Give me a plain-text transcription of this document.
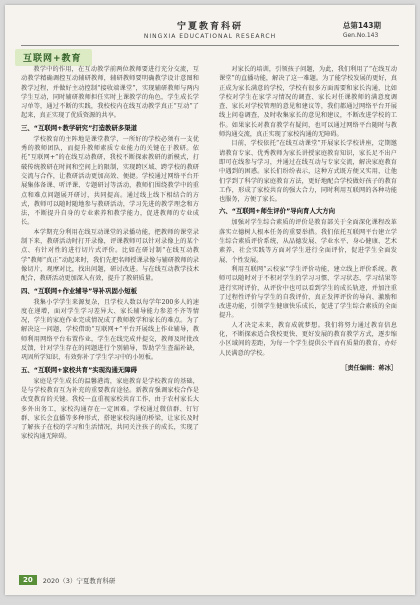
宁夏教育科研
NINGXIA EDUCATIONAL RESEARCH
总第143期
Gen.No.143
互联网+教育

教学中的作用，在互动教学前两位教师要进行充分交流，互动教学精确调控互动辅研教师，辅研教师要明确教学设计意图和教学过程，并做好主动控制“接收端课堂”，实现辅研教师与两内学生互动，同时辅研教师担任实时上课教学的角色，学生成长学习单等，通过不断的实践，我校校内在线互动教学真正“互动”了起来，真正实现了优质资源的共享。

三、“互联网+教学研究”打造教研多渠道

学校教育的主阵地是课堂教学，一所好的学校必须有一支优秀的教师团队，而提升教师素质专业能力的关键在于教研。依托“互联网+”的在线互动教研，我校不断探索教研的新模式，打破传统教研在时间和空间上的限制，实现跨区域、跨学校的教研交流与合作，让教研活动更加高效、便捷。学校通过网络平台开展集体备课、听评课、专题研讨等活动，教师们围绕教学中的重点和难点问题展开研讨，共同提高。通过线上线下相结合的方式，教师可以随时随地参与教研活动，学习先进的教学理念和方法，不断提升自身的专业素养和教学能力，促进教师的专业成长。

本学期充分利用在线互动课堂的录播功能，把教师的课堂录制下来，教研活动时打开录像，评课教师可以针对录像上的某个点、有针对性的进行切片式评价。比如在研讨制“在线互动教学”教师“真正”动起来时，我们先把名师授课录像与辅研教师的录像切片，观摩对比，找出问题，研讨改进。与在线互动教学技术配合，教研活动更加深入有效，提升了教研质量。

四、“互联网+作业辅导”导补巩固小短板

我集小学学生来源复杂，且学校人数以每学年200多人的速度在递增，面对学生学习差异大、家长辅导能力参差不齐等情况，学生的家庭作业完成情况成了教师教学和家长的难点。为了解决这一问题，学校借助“互联网+”平台开展线上作业辅导，教师利用网络平台布置作业，学生在线完成并提交，教师及时批改反馈，针对学生存在的问题进行个别辅导，帮助学生查漏补缺，巩固所学知识，有效弥补了学生学习中的小短板。

五、“互联网+家校共育”实现沟通无障碍

家庭是学生成长的温馨港湾，家庭教育是学校教育的基础，是与学校教育互为补充的重要教育途径。新教育强调家校合作是改变教育的关键。我校一直重视家校共育工作，由于农村家长大多外出务工，家校沟通存在一定困难。学校通过微信群、钉钉群、家长会直播等多种形式，搭建家校沟通的桥梁，让家长及时了解孩子在校的学习和生活情况，共同关注孩子的成长，实现了家校沟通无障碍。

对家长的培训，引领孩子问题，为此，我们利用了“在线互动课堂”的直播功能，解决了这一难题。为了能学校发展的更好，真正成为家长满意的学校，学校有很多方面需要和家长沟通，比如学校对学生在家学习情况的调查、家长对任课教师的满意度调查、家长对学校管理的意见和建议等，我们都通过网络平台开展线上问卷调查，及时收集家长的意见和建议，不断改进学校的工作。如果家长对教育教学有疑问，也可以通过网络平台随时与教师沟通交流，真正实现了家校沟通的无障碍。

目前，学校依托“在线互动课堂”开展家长学校讲座，定期邀请教育专家、优秀教师为家长讲授家庭教育知识，家长足不出户即可在线参与学习，并通过在线互动与专家交流，解决家庭教育中遇到的困惑。家长们纷纷表示，这种方式既方便又实用，让他们学到了科学的家庭教育方法，更好地配合学校做好孩子的教育工作，形成了家校共育的强大合力，同时利用互联网的各种功能也服务，方便了家长。

六、“互联网+师生评价”导向育人大方向

加强对学生综合素质的评价是教育部关于全面深化课程改革落实立德树人根本任务的重要举措。我们依托互联网平台建立学生综合素质评价系统，从品德发展、学业水平、身心健康、艺术素养、社会实践等方面对学生进行全面评价，促进学生全面发展、个性发展。

利用互联网“云校家”学生评价功能，建立线上评价系统。教师可以随时对于不积对学生的学习习惯、学习状态、学习结果等进行实时评价，从评价中也可以看到学生的成长轨迹，并加注重了过程性评价与学生的自我评价，真正发挥评价的导向、激励和改进功能，引领学生健康快乐成长，促进了学生综合素质的全面提升。

人才决定未来，教育成就梦想。我们将努力通过教育信息化，不断探索适合我校更快、更好发展的教育教学方式，逐步缩小区域间的差距，为每一个学生提供公平而有质量的教育，办好人民满意的学校。

［责任编辑：蒋冰］
20	2020（3）宁夏教育科研
